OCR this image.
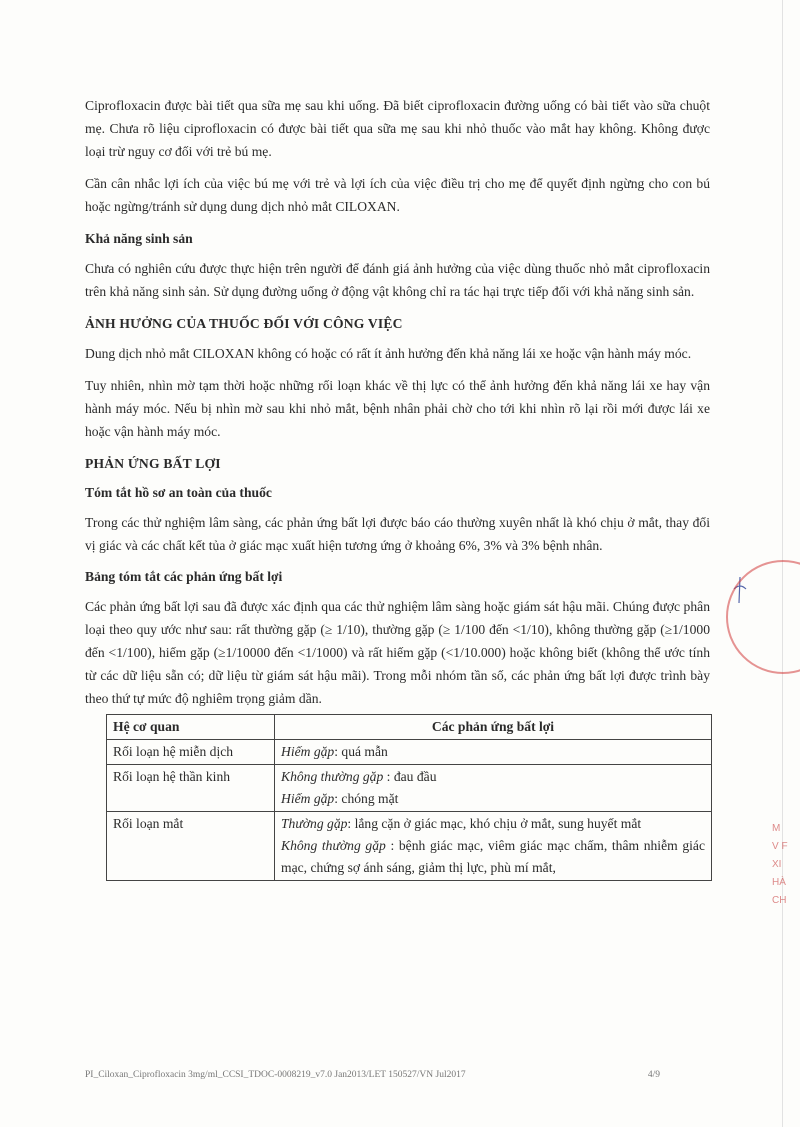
Ciprofloxacin được bài tiết qua sữa mẹ sau khi uống. Đã biết ciprofloxacin đường uống có bài tiết vào sữa chuột mẹ. Chưa rõ liệu ciprofloxacin có được bài tiết qua sữa mẹ sau khi nhỏ thuốc vào mắt hay không. Không được loại trừ nguy cơ đối với trẻ bú mẹ.

Cần cân nhắc lợi ích của việc bú mẹ với trẻ và lợi ích của việc điều trị cho mẹ để quyết định ngừng cho con bú hoặc ngừng/tránh sử dụng dung dịch nhỏ mắt CILOXAN.

Khả năng sinh sản

Chưa có nghiên cứu được thực hiện trên người để đánh giá ảnh hưởng của việc dùng thuốc nhỏ mắt ciprofloxacin trên khả năng sinh sản. Sử dụng đường uống ở động vật không chỉ ra tác hại trực tiếp đối với khả năng sinh sản.

ẢNH HƯỞNG CỦA THUỐC ĐỐI VỚI CÔNG VIỆC

Dung dịch nhỏ mắt CILOXAN không có hoặc có rất ít ảnh hưởng đến khả năng lái xe hoặc vận hành máy móc.

Tuy nhiên, nhìn mờ tạm thời hoặc những rối loạn khác về thị lực có thể ảnh hưởng đến khả năng lái xe hay vận hành máy móc. Nếu bị nhìn mờ sau khi nhỏ mắt, bệnh nhân phải chờ cho tới khi nhìn rõ lại rồi mới được lái xe hoặc vận hành máy móc.

PHẢN ỨNG BẤT LỢI
Tóm tắt hồ sơ an toàn của thuốc

Trong các thử nghiệm lâm sàng, các phản ứng bất lợi được báo cáo thường xuyên nhất là khó chịu ở mắt, thay đổi vị giác và các chất kết tủa ở giác mạc xuất hiện tương ứng ở khoảng 6%, 3% và 3% bệnh nhân.

Bảng tóm tắt các phản ứng bất lợi

Các phản ứng bất lợi sau đã được xác định qua các thử nghiệm lâm sàng hoặc giám sát hậu mãi. Chúng được phân loại theo quy ước như sau: rất thường gặp (≥ 1/10), thường gặp (≥ 1/100 đến <1/10), không thường gặp (≥1/1000 đến <1/100), hiếm gặp (≥1/10000 đến <1/1000) và rất hiếm gặp (<1/10.000) hoặc không biết (không thể ước tính từ các dữ liệu sẵn có; dữ liệu từ giám sát hậu mãi). Trong mỗi nhóm tần số, các phản ứng bất lợi được trình bày theo thứ tự mức độ nghiêm trọng giảm dần.

Hệ cơ quan	Các phản ứng bất lợi
Rối loạn hệ miễn dịch	Hiếm gặp: quá mẫn
Rối loạn hệ thần kinh	Không thường gặp : đau đầu
Hiếm gặp: chóng mặt

Rối loạn mắt	Thường gặp: lắng cặn ở giác mạc, khó chịu ở mắt, sung huyết mắt
Không thường gặp : bệnh giác mạc, viêm giác mạc chấm, thâm nhiễm giác mạc, chứng sợ ánh sáng, giảm thị lực, phù mí mắt,
M
V F
XI
HÀ
CH
PI_Ciloxan_Ciprofloxacin 3mg/ml_CCSI_TDOC-0008219_v7.0 Jan2013/LET 150527/VN Jul2017	4/9
